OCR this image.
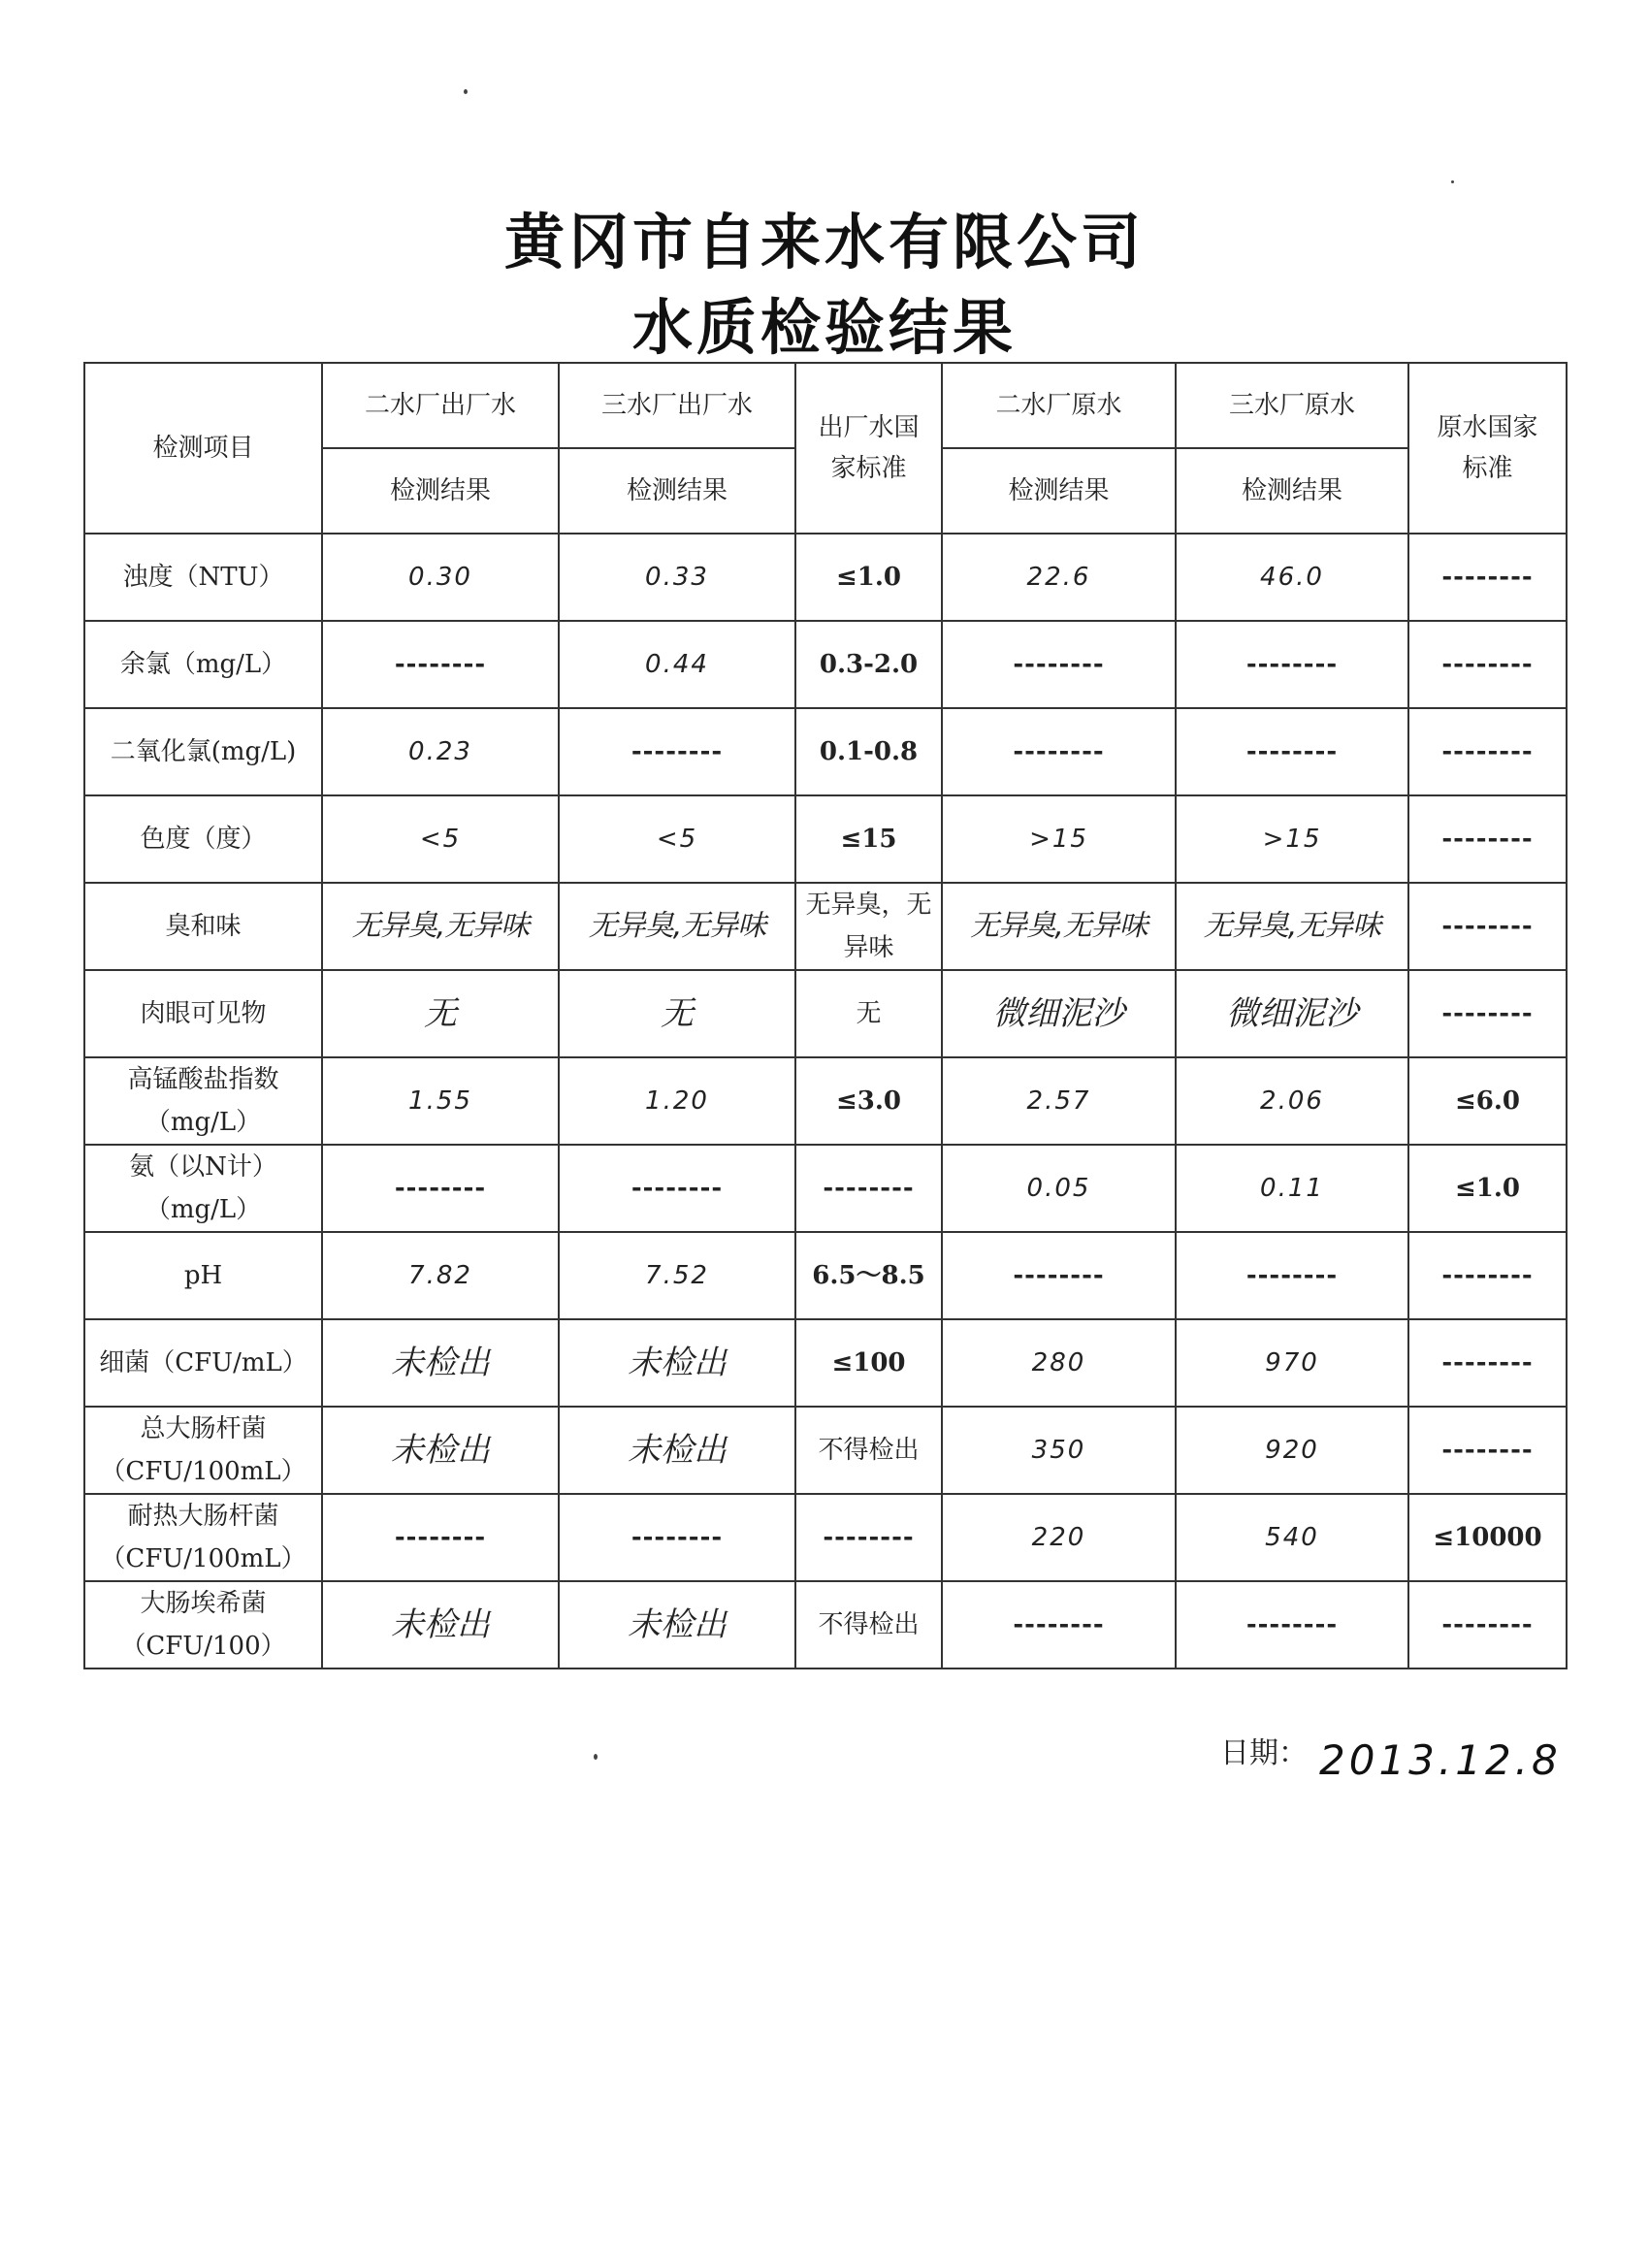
黄冈市自来水有限公司
水质检验结果
检测项目	二水厂出厂水	三水厂出厂水	出厂水国家标准	二水厂原水	三水厂原水	原水国家标准
	检测结果	检测结果		检测结果	检测结果	
浊度（NTU）	0.30	0.33	≤1.0	22.6	46.0	--------
余氯（mg/L）	--------	0.44	0.3-2.0	--------	--------	--------
二氧化氯(mg/L)	0.23	--------	0.1-0.8	--------	--------	--------
色度（度）	<5	<5	≤15	>15	>15	--------
臭和味	无异臭,无异味	无异臭,无异味	无异臭，无异味	无异臭,无异味	无异臭,无异味	--------
肉眼可见物	无	无	无	微细泥沙	微细泥沙	--------
高锰酸盐指数（mg/L）	1.55	1.20	≤3.0	2.57	2.06	≤6.0
氨（以N计）（mg/L）	--------	--------	--------	0.05	0.11	≤1.0
pH	7.82	7.52	6.5～8.5	--------	--------	--------
细菌（CFU/mL）	未检出	未检出	≤100	280	970	--------
总大肠杆菌（CFU/100mL）	未检出	未检出	不得检出	350	920	--------
耐热大肠杆菌（CFU/100mL）	--------	--------	--------	220	540	≤10000
大肠埃希菌（CFU/100）	未检出	未检出	不得检出	--------	--------	--------
日期： 2013.12.8
